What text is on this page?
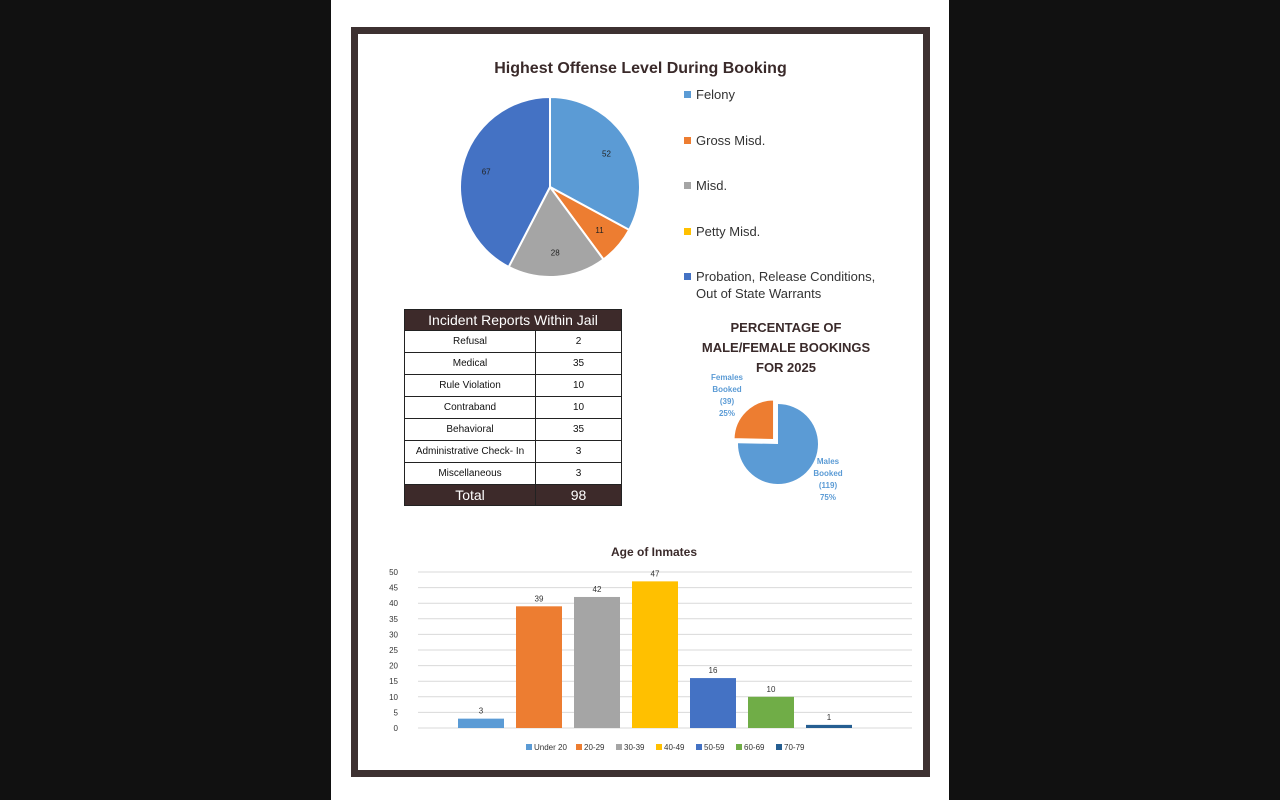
Highest Offense Level During Booking
52
11
28
67
Felony
Gross Misd.
Misd.
Petty Misd.
Probation, Release Conditions,
Out of State Warrants
Incident Reports Within Jail	
Refusal	2
Medical	35
Rule Violation	10
Contraband	10
Behavioral	35
Administrative Check- In	3
Miscellaneous	3
Total	98
PERCENTAGE OF
MALE/FEMALE BOOKINGS
FOR 2025
Females
Booked
(39)
25%
Males
Booked
(119)
75%
Age of Inmates
0
5
10
15
20
25
30
35
40
45
50
3
39
42
47
16
10
1
Under 20 20-29 30-39 40-49 50-59 60-69 70-79
